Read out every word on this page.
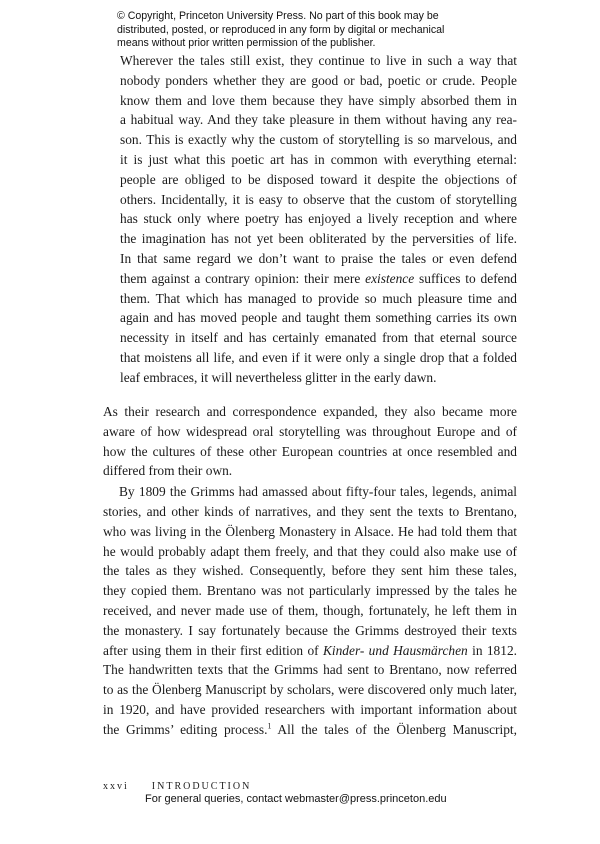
© Copyright, Princeton University Press. No part of this book may be
distributed, posted, or reproduced in any form by digital or mechanical
means without prior written permission of the publisher.
Wherever the tales still exist, they continue to live in such a way that
nobody ponders whether they are good or bad, poetic or crude. People
know them and love them because they have simply absorbed them in
a habitual way. And they take pleasure in them without having any rea-
son. This is exactly why the custom of storytelling is so marvelous, and
it is just what this poetic art has in common with everything eternal:
people are obliged to be disposed toward it despite the objections of
others. Incidentally, it is easy to observe that the custom of storytelling
has stuck only where poetry has enjoyed a lively reception and where
the imagination has not yet been obliterated by the perversities of life.
In that same regard we don’t want to praise the tales or even defend
them against a contrary opinion: their mere existence suffices to defend
them. That which has managed to provide so much pleasure time and
again and has moved people and taught them something carries its own
necessity in itself and has certainly emanated from that eternal source
that moistens all life, and even if it were only a single drop that a folded
leaf embraces, it will nevertheless glitter in the early dawn.
As their research and correspondence expanded, they also became more
aware of how widespread oral storytelling was throughout Europe and of
how the cultures of these other European countries at once resembled and
differed from their own.
By 1809 the Grimms had amassed about fifty-four tales, legends, animal
stories, and other kinds of narratives, and they sent the texts to Brentano,
who was living in the Ölenberg Monastery in Alsace. He had told them that
he would probably adapt them freely, and that they could also make use of
the tales as they wished. Consequently, before they sent him these tales,
they copied them. Brentano was not particularly impressed by the tales he
received, and never made use of them, though, fortunately, he left them in
the monastery. I say fortunately because the Grimms destroyed their texts
after using them in their first edition of Kinder- und Hausmärchen in 1812.
The handwritten texts that the Grimms had sent to Brentano, now referred
to as the Ölenberg Manuscript by scholars, were discovered only much later,
in 1920, and have provided researchers with important information about
the Grimms’ editing process.$^1$ All the tales of the Ölenberg Manuscript,
xxvi INTRODUCTION
For general queries, contact webmaster@press.princeton.edu
